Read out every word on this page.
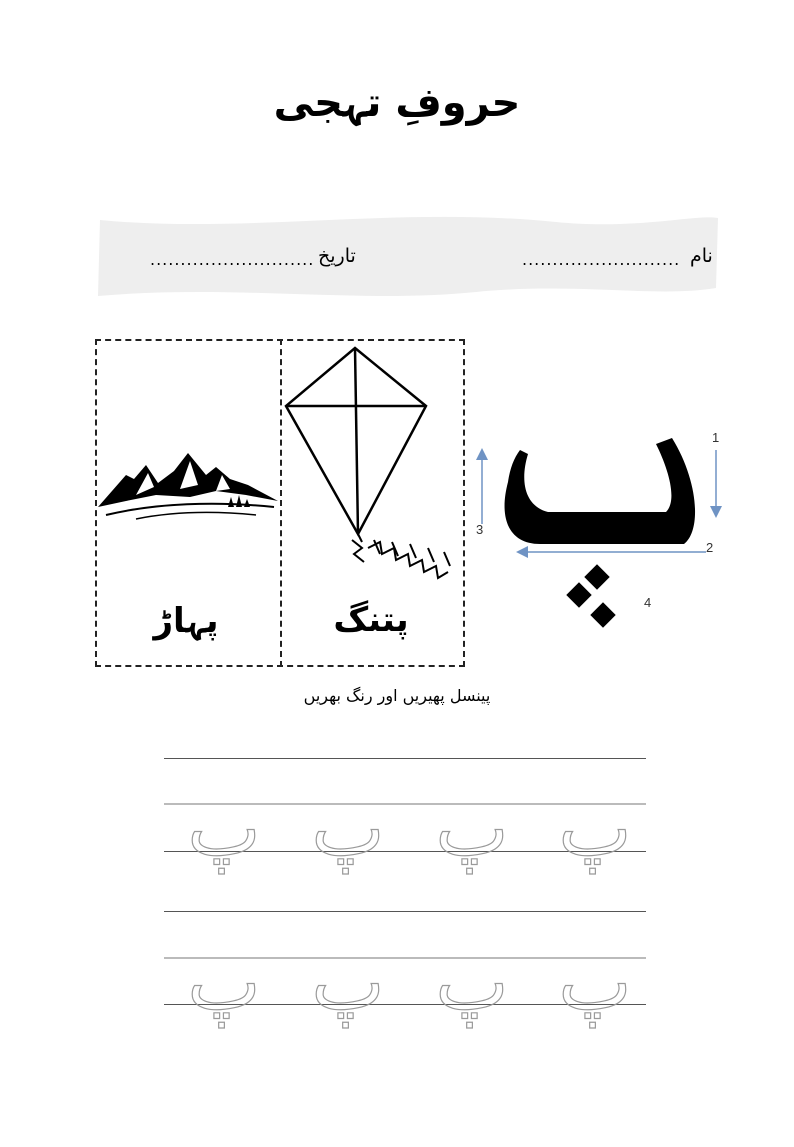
حروفِ تہجی
نام
..........................
تاریخ
...........................
پتنگ
پہاڑ
1
2
3
4
پینسل پھیریں اور رنگ بھریں
پ
پ
پ
پ
پ
پ
پ
پ
